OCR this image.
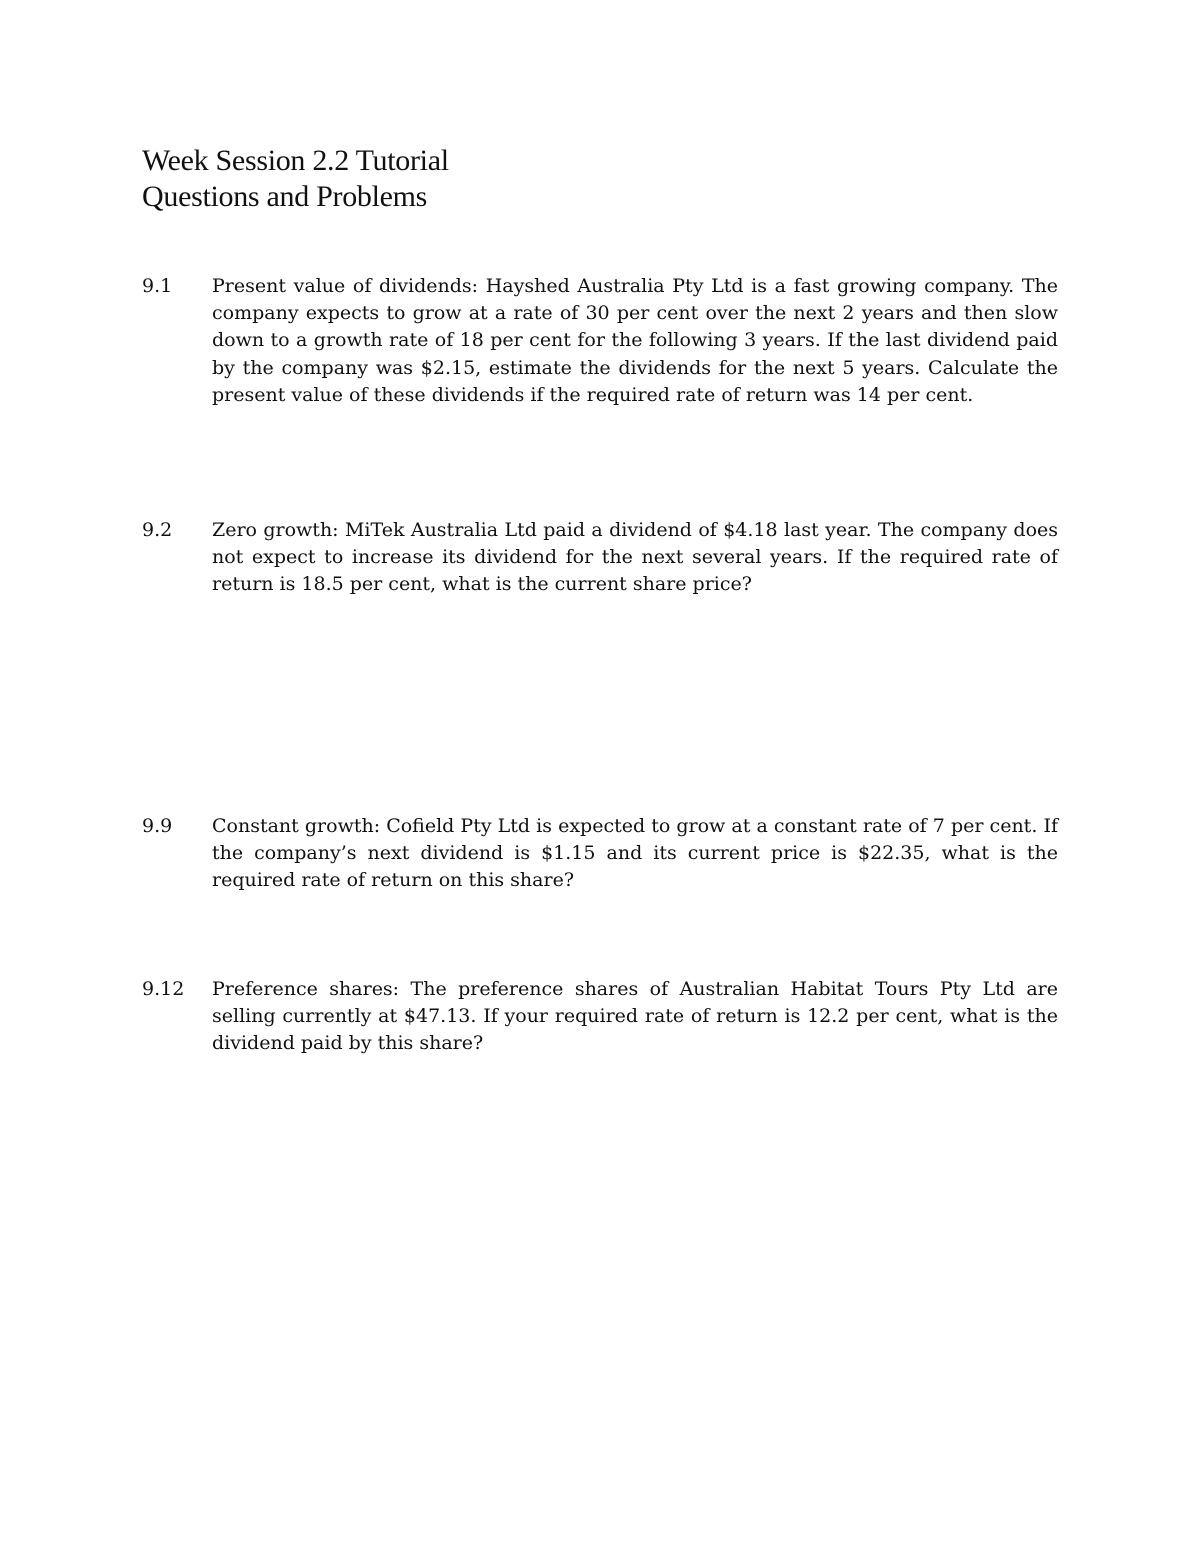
Week Session 2.2 Tutorial
Questions and Problems
9.1	Present value of dividends: Hayshed Australia Pty Ltd is a fast growing company. The company expects to grow at a rate of 30 per cent over the next 2 years and then slow down to a growth rate of 18 per cent for the following 3 years. If the last dividend paid by the company was $2.15, estimate the dividends for the next 5 years. Calculate the present value of these dividends if the required rate of return was 14 per cent.
9.2	Zero growth: MiTek Australia Ltd paid a dividend of $4.18 last year. The company does not expect to increase its dividend for the next several years. If the required rate of return is 18.5 per cent, what is the current share price?
9.9	Constant growth: Cofield Pty Ltd is expected to grow at a constant rate of 7 per cent. If the company’s next dividend is $1.15 and its current price is $22.35, what is the required rate of return on this share?
9.12	Preference shares: The preference shares of Australian Habitat Tours Pty Ltd are selling currently at $47.13. If your required rate of return is 12.2 per cent, what is the dividend paid by this share?
